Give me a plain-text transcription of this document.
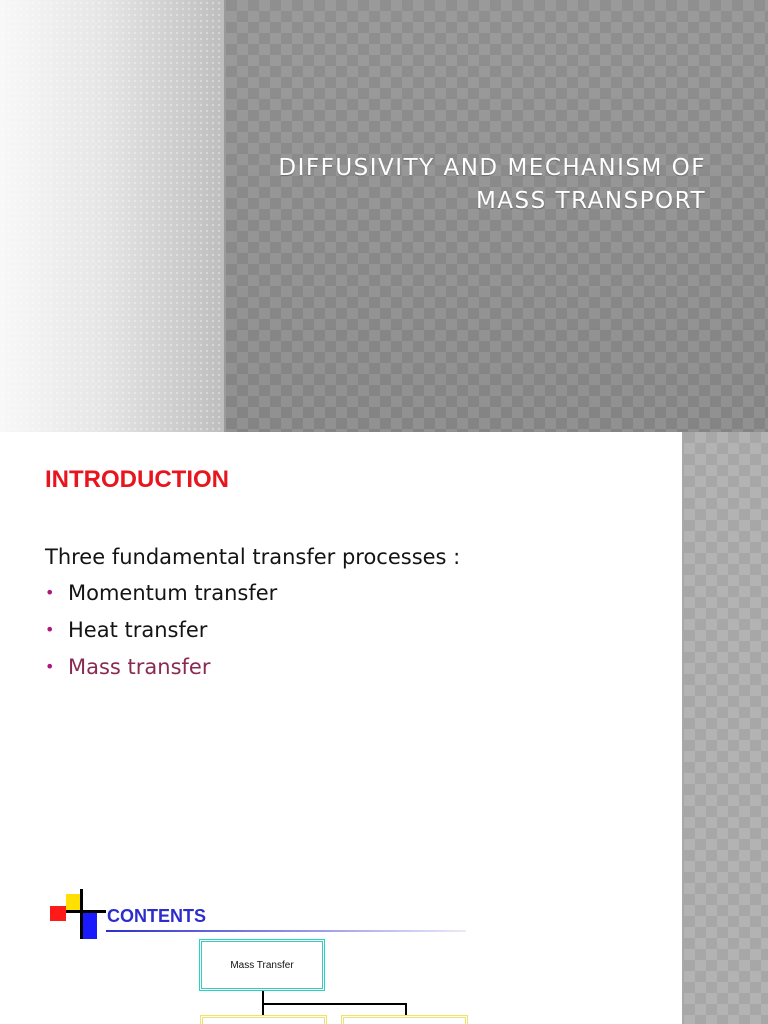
DIFFUSIVITY AND MECHANISM OF
MASS TRANSPORT
INTRODUCTION
Three fundamental transfer processes :
• Momentum transfer
• Heat transfer
• Mass transfer
CONTENTS
Mass Transfer
